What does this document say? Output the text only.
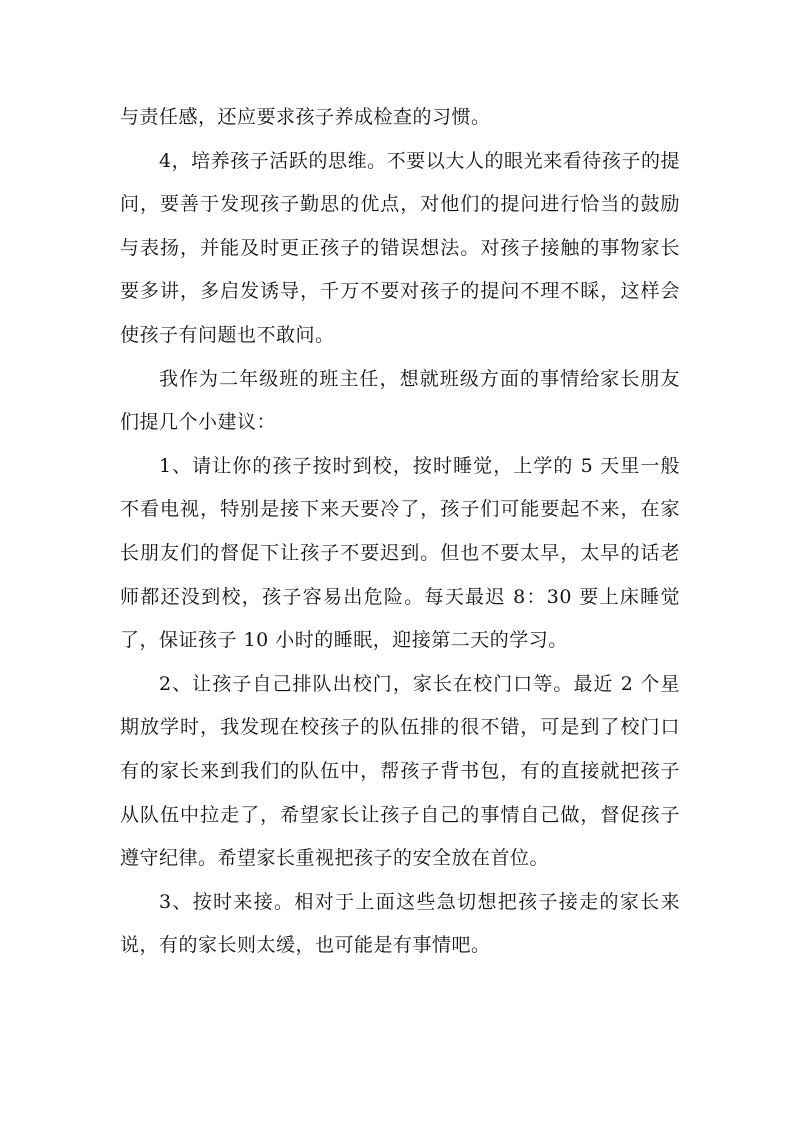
与责任感，还应要求孩子养成检查的习惯。

4，培养孩子活跃的思维。不要以大人的眼光来看待孩子的提问，要善于发现孩子勤思的优点，对他们的提问进行恰当的鼓励与表扬，并能及时更正孩子的错误想法。对孩子接触的事物家长要多讲，多启发诱导，千万不要对孩子的提问不理不睬，这样会使孩子有问题也不敢问。

我作为二年级班的班主任，想就班级方面的事情给家长朋友们提几个小建议：

1、请让你的孩子按时到校，按时睡觉，上学的 5 天里一般不看电视，特别是接下来天要冷了，孩子们可能要起不来，在家长朋友们的督促下让孩子不要迟到。但也不要太早，太早的话老师都还没到校，孩子容易出危险。每天最迟 8：30 要上床睡觉了，保证孩子 10 小时的睡眠，迎接第二天的学习。

2、让孩子自己排队出校门，家长在校门口等。最近 2 个星期放学时，我发现在校孩子的队伍排的很不错，可是到了校门口有的家长来到我们的队伍中，帮孩子背书包，有的直接就把孩子从队伍中拉走了，希望家长让孩子自己的事情自己做，督促孩子遵守纪律。希望家长重视把孩子的安全放在首位。

3、按时来接。相对于上面这些急切想把孩子接走的家长来说，有的家长则太缓，也可能是有事情吧。
